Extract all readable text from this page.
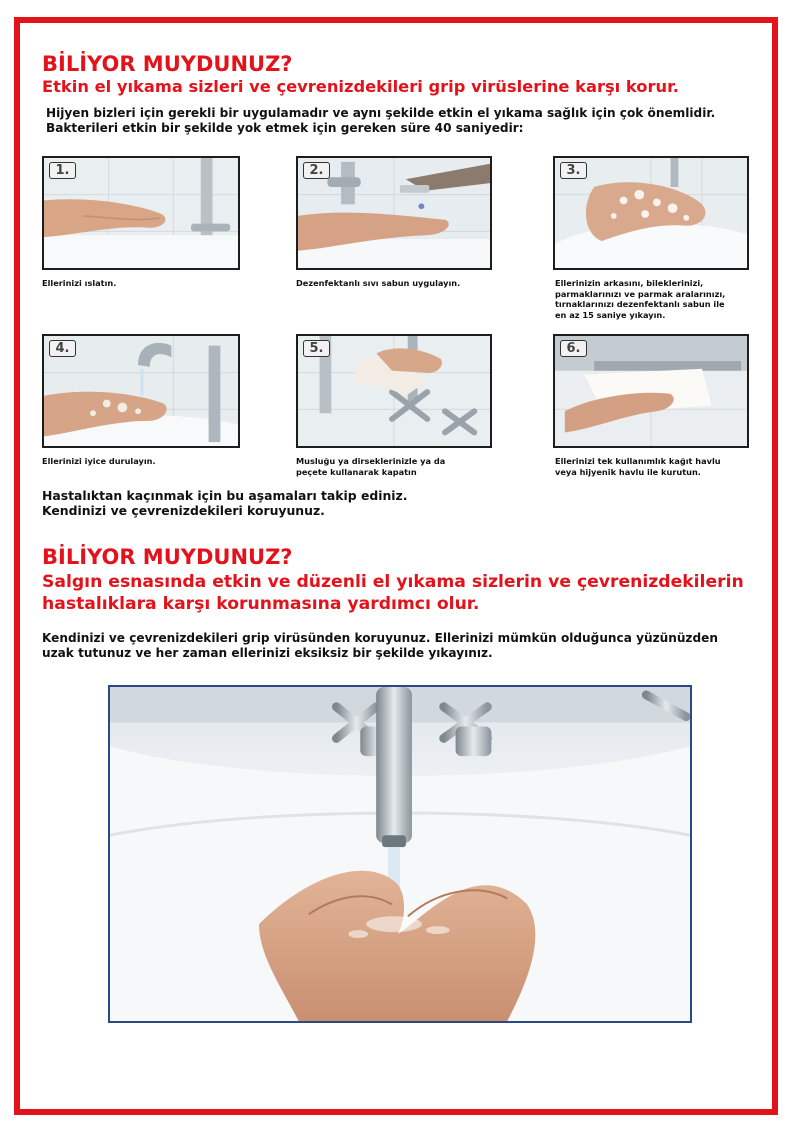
BİLİYOR MUYDUNUZ?
Etkin el yıkama sizleri ve çevrenizdekileri grip virüslerine karşı korur.

Hijyen bizleri için gerekli bir uygulamadır ve aynı şekilde etkin el yıkama sağlık için çok önemlidir.

Bakterileri etkin bir şekilde yok etmek için gereken süre 40 saniyedir:

1.

Ellerinizi ıslatın.

2.

Dezenfektanlı sıvı sabun uygulayın.

3.

Ellerinizin arkasını, bileklerinizi,

parmaklarınızı ve parmak aralarınızı,

tırnaklarınızı dezenfektanlı sabun ile

en az 15 saniye yıkayın.

4.

Ellerinizi iyice durulayın.

5.

Musluğu ya dirseklerinizle ya da

peçete kullanarak kapatın

6.

Ellerinizi tek kullanımlık kağıt havlu

veya hijyenik havlu ile kurutun.

Hastalıktan kaçınmak için bu aşamaları takip ediniz.

Kendinizi ve çevrenizdekileri koruyunuz.

BİLİYOR MUYDUNUZ?
Salgın esnasında etkin ve düzenli el yıkama sizlerin ve çevrenizdekilerin
hastalıklara karşı korunmasına yardımcı olur.

Kendinizi ve çevrenizdekileri grip virüsünden koruyunuz. Ellerinizi mümkün olduğunca yüzünüzden

uzak tutunuz ve her zaman ellerinizi eksiksiz bir şekilde yıkayınız.
